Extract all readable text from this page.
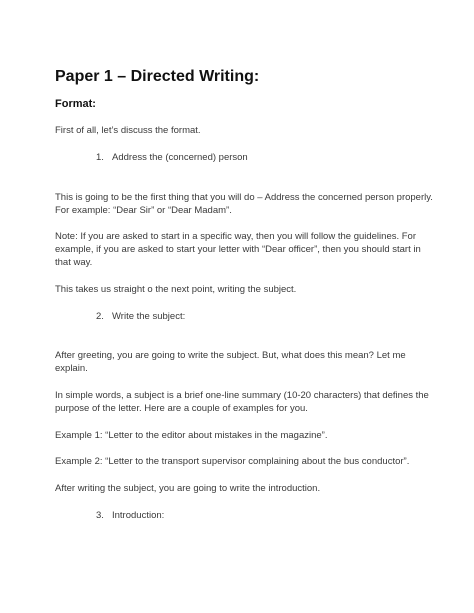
Paper 1 – Directed Writing:
Format:

First of all, let’s discuss the format.

1. Address the (concerned) person

This is going to be the first thing that you will do – Address the concerned person properly. For example: “Dear Sir” or “Dear Madam”.

Note: If you are asked to start in a specific way, then you will follow the guidelines. For example, if you are asked to start your letter with “Dear officer”, then you should start in that way.

This takes us straight o the next point, writing the subject.

2. Write the subject:

After greeting, you are going to write the subject. But, what does this mean? Let me explain.

In simple words, a subject is a brief one-line summary (10-20 characters) that defines the purpose of the letter. Here are a couple of examples for you.

Example 1: “Letter to the editor about mistakes in the magazine”.

Example 2: “Letter to the transport supervisor complaining about the bus conductor”.

After writing the subject, you are going to write the introduction.

3. Introduction:
